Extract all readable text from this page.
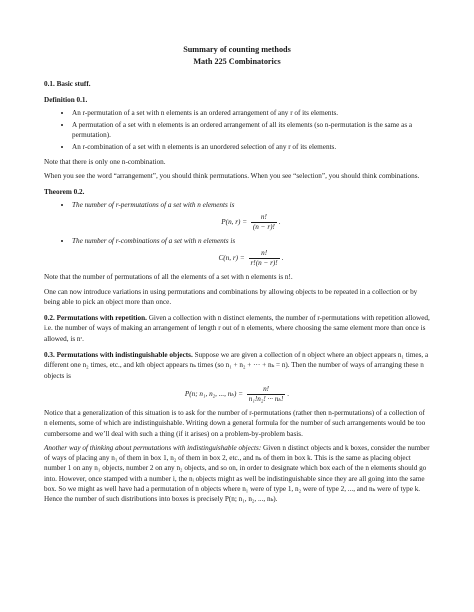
Summary of counting methods
Math 225 Combinatorics
0.1. Basic stuff.
Definition 0.1.
• An r-permutation of a set with n elements is an ordered arrangement of any r of its elements.
• A permutation of a set with n elements is an ordered arrangement of all its elements (so n-permutation is the same as a permutation).
• An r-combination of a set with n elements is an unordered selection of any r of its elements.

Note that there is only one n-combination.

When you see the word “arrangement”, you should think permutations. When you see “selection”, you should think combinations.

Theorem 0.2.
• The number of r-permutations of a set with n elements is
P(n, $r) = \frac{n!}{(n - r)!}$ .
• The number of r-combinations of a set with n elements is
C(n, $r) = \frac{n!}{r!(n - r)!}$ .

Note that the number of permutations of all the elements of a set with n elements is n!.

One can now introduce variations in using permutations and combinations by allowing objects to be repeated in a collection or by being able to pick an object more than once.

0.2. Permutations with repetition. Given a collection with n distinct elements, the number of r-permutations with repetition allowed, i.e. the number of ways of making an arrangement of length r out of n elements, where choosing the same element more than once is allowed, is nʳ.

0.3. Permutations with indistinguishable objects. Suppose we are given a collection of n object where an object appears n₁ times, a different one n₂ times, etc., and kth object appears nₖ times (so n₁ + n₂ + ··· + nₖ = n). Then the number of ways of arranging these n objects is

P(n; n₁, n₂, ..., $n_k) = \frac{n!}{\text{n₁!n₂! ··· nₖ!}}$ .

Notice that a generalization of this situation is to ask for the number of r-permutations (rather then n-permutations) of a collection of n elements, some of which are indistinguishable. Writing down a general formula for the number of such arrangements would be too cumbersome and we’ll deal with such a thing (if it arises) on a problem-by-problem basis.

Another way of thinking about permutations with indistinguishable objects: Given n distinct objects and k boxes, consider the number of ways of placing any n₁ of them in box 1, n₂ of them in box 2, etc., and nₖ of them in box k. This is the same as placing object number 1 on any n₁ objects, number 2 on any n₂ objects, and so on, in order to designate which box each of the n elements should go into. However, once stamped with a number i, the nᵢ objects might as well be indistinguishable since they are all going into the same box. So we might as well have had a permutation of n objects where n₁ were of type 1, n₂ were of type 2, ..., and nₖ were of type k. Hence the number of such distributions into boxes is precisely P(n; n₁, n₂, ..., nₖ).
